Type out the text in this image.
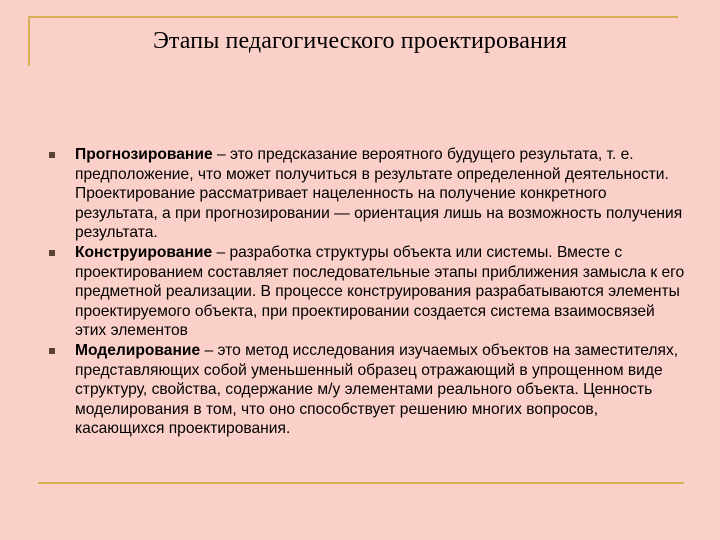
Этапы педагогического проектирования
Прогнозирование – это предсказание вероятного будущего результата, т. е. предположение, что может получиться в результате определенной деятельности. Проектирование рассматривает нацеленность на получение конкретного результата, а при прогнозировании — ориентация лишь на возможность получения результата.
Конструирование – разработка структуры объекта или системы. Вместе с проектированием составляет последовательные этапы приближения замысла к его предметной реализации. В процессе конструирования разрабатываются элементы проектируемого объекта, при проектировании создается система взаимосвязей этих элементов
Моделирование – это метод исследования изучаемых объектов на заместителях, представляющих собой уменьшенный образец отражающий в упрощенном виде структуру, свойства, содержание м/у элементами реального объекта. Ценность моделирования в том, что оно способствует решению многих вопросов, касающихся проектирования.
